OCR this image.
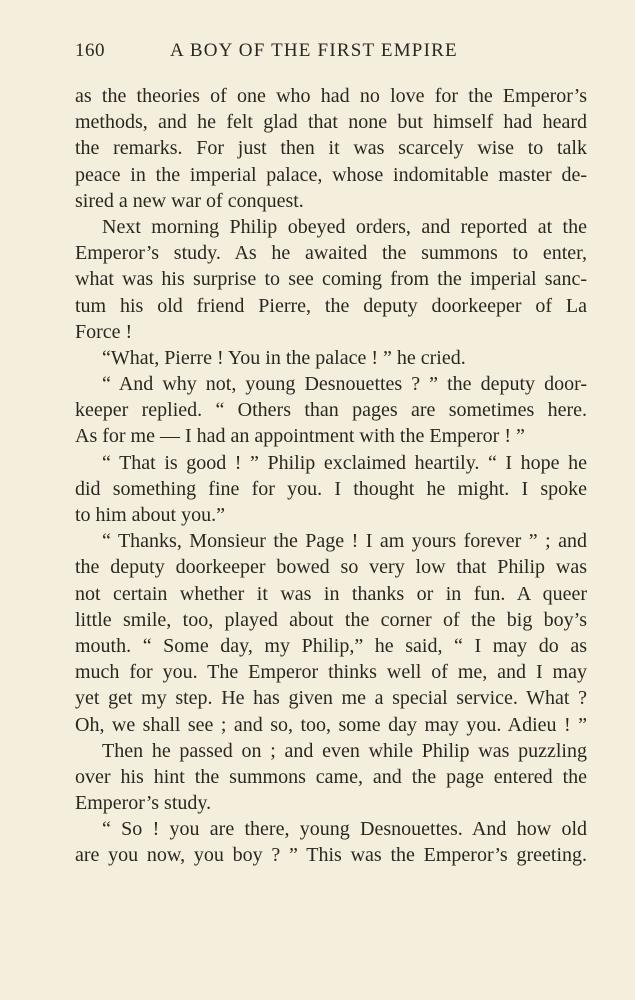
160	A BOY OF THE FIRST EMPIRE
as the theories of one who had no love for the Emperor’s
methods, and he felt glad that none but himself had heard
the remarks. For just then it was scarcely wise to talk
peace in the imperial palace, whose indomitable master de-
sired a new war of conquest.
Next morning Philip obeyed orders, and reported at the
Emperor’s study. As he awaited the summons to enter,
what was his surprise to see coming from the imperial sanc-
tum his old friend Pierre, the deputy doorkeeper of La
Force !
“What, Pierre ! You in the palace ! ” he cried.
“ And why not, young Desnouettes ? ” the deputy door-
keeper replied. “ Others than pages are sometimes here.
As for me — I had an appointment with the Emperor ! ”
“ That is good ! ” Philip exclaimed heartily. “ I hope he
did something fine for you. I thought he might. I spoke
to him about you.”
“ Thanks, Monsieur the Page ! I am yours forever ” ; and
the deputy doorkeeper bowed so very low that Philip was
not certain whether it was in thanks or in fun. A queer
little smile, too, played about the corner of the big boy’s
mouth. “ Some day, my Philip,” he said, “ I may do as
much for you. The Emperor thinks well of me, and I may
yet get my step. He has given me a special service. What ?
Oh, we shall see ; and so, too, some day may you. Adieu ! ”
Then he passed on ; and even while Philip was puzzling
over his hint the summons came, and the page entered the
Emperor’s study.
“ So ! you are there, young Desnouettes. And how old
are you now, you boy ? ” This was the Emperor’s greeting.
